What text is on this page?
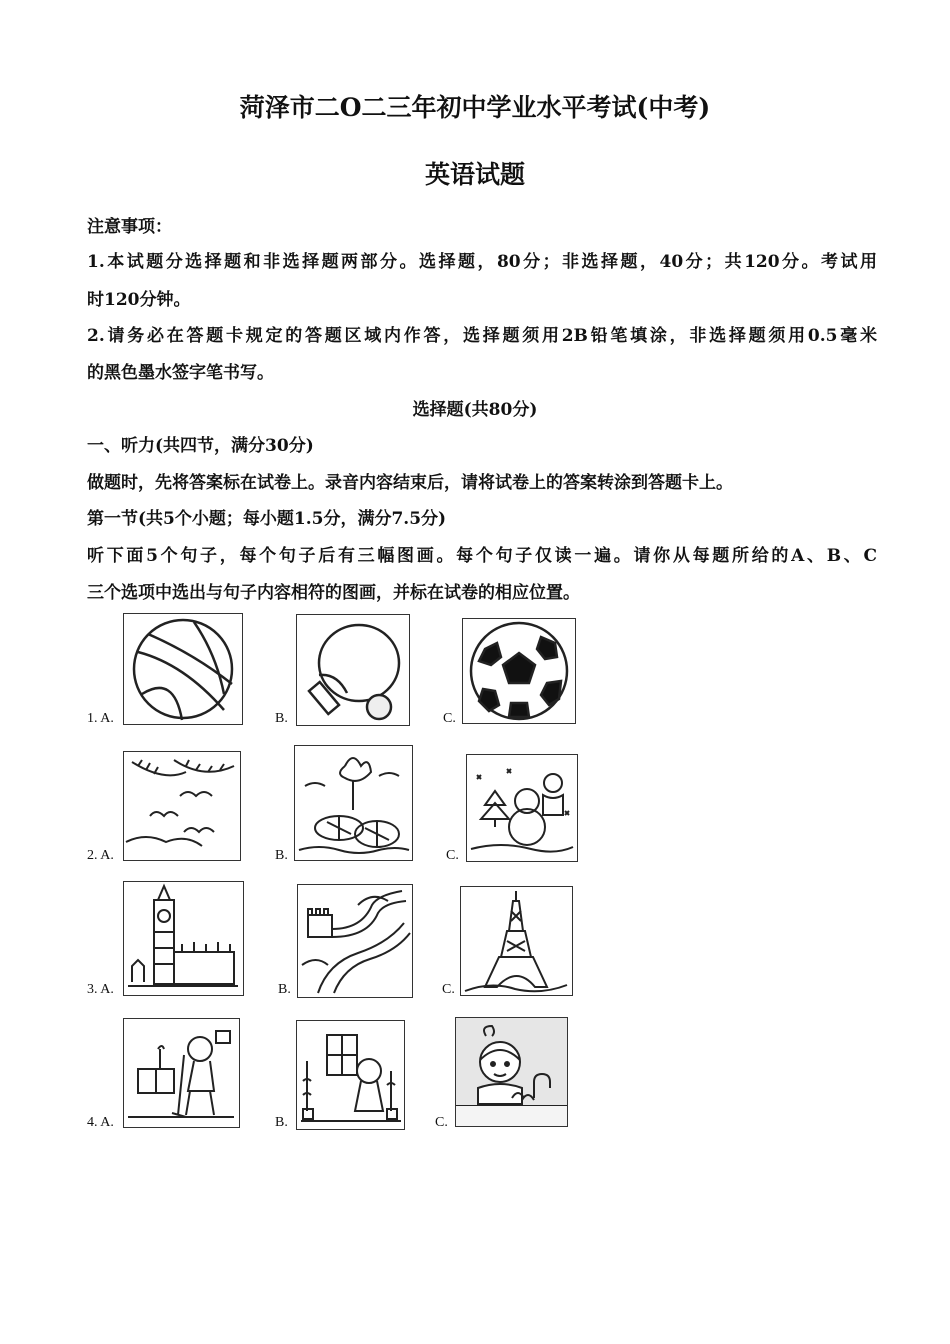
菏泽市二O二三年初中学业水平考试(中考)
英语试题
注意事项：
1.本试题分选择题和非选择题两部分。选择题，80分；非选择题，40分；共120分。考试用
时120分钟。
2.请务必在答题卡规定的答题区域内作答，选择题须用2B铅笔填涂，非选择题须用0.5毫米
的黑色墨水签字笔书写。
选择题(共80分)
一、听力(共四节，满分30分)
做题时，先将答案标在试卷上。录音内容结束后，请将试卷上的答案转涂到答题卡上。
第一节(共5个小题；每小题1.5分，满分7.5分)
听下面5个句子，每个句子后有三幅图画。每个句子仅读一遍。请你从每题所给的A、B、C
三个选项中选出与句子内容相符的图画，并标在试卷的相应位置。
1. A.	B.	C.
2. A.	B.	C.
3. A.	B.	C.
4. A.	B.	C.
